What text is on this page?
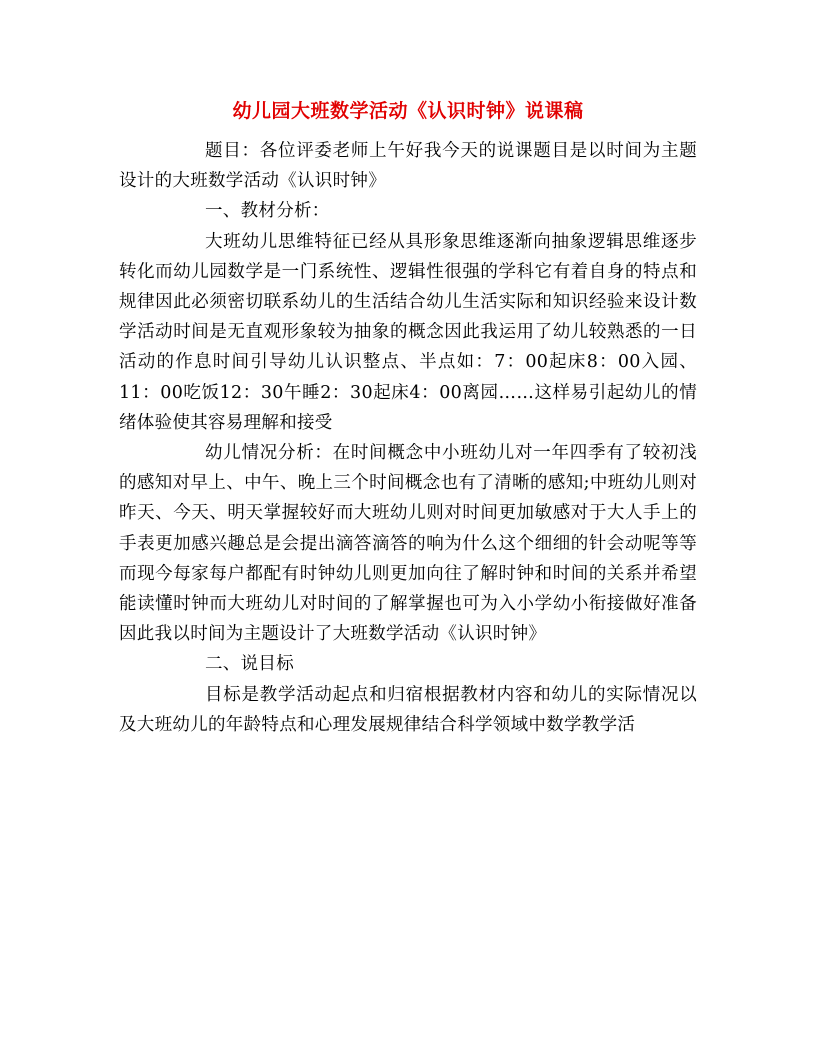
幼儿园大班数学活动《认识时钟》说课稿

题目：各位评委老师上午好我今天的说课题目是以时间为主题设计的大班数学活动《认识时钟》

一、教材分析：

大班幼儿思维特征已经从具形象思维逐渐向抽象逻辑思维逐步转化而幼儿园数学是一门系统性、逻辑性很强的学科它有着自身的特点和规律因此必须密切联系幼儿的生活结合幼儿生活实际和知识经验来设计数学活动时间是无直观形象较为抽象的概念因此我运用了幼儿较熟悉的一日活动的作息时间引导幼儿认识整点、半点如：7：00起床8：00入园、11：00吃饭12：30午睡2：30起床4：00离园……这样易引起幼儿的情绪体验使其容易理解和接受

幼儿情况分析：在时间概念中小班幼儿对一年四季有了较初浅的感知对早上、中午、晚上三个时间概念也有了清晰的感知;中班幼儿则对昨天、今天、明天掌握较好而大班幼儿则对时间更加敏感对于大人手上的手表更加感兴趣总是会提出滴答滴答的响为什么这个细细的针会动呢等等而现今每家每户都配有时钟幼儿则更加向往了解时钟和时间的关系并希望能读懂时钟而大班幼儿对时间的了解掌握也可为入小学幼小衔接做好准备因此我以时间为主题设计了大班数学活动《认识时钟》

二、说目标

目标是教学活动起点和归宿根据教材内容和幼儿的实际情况以及大班幼儿的年龄特点和心理发展规律结合科学领域中数学教学活
